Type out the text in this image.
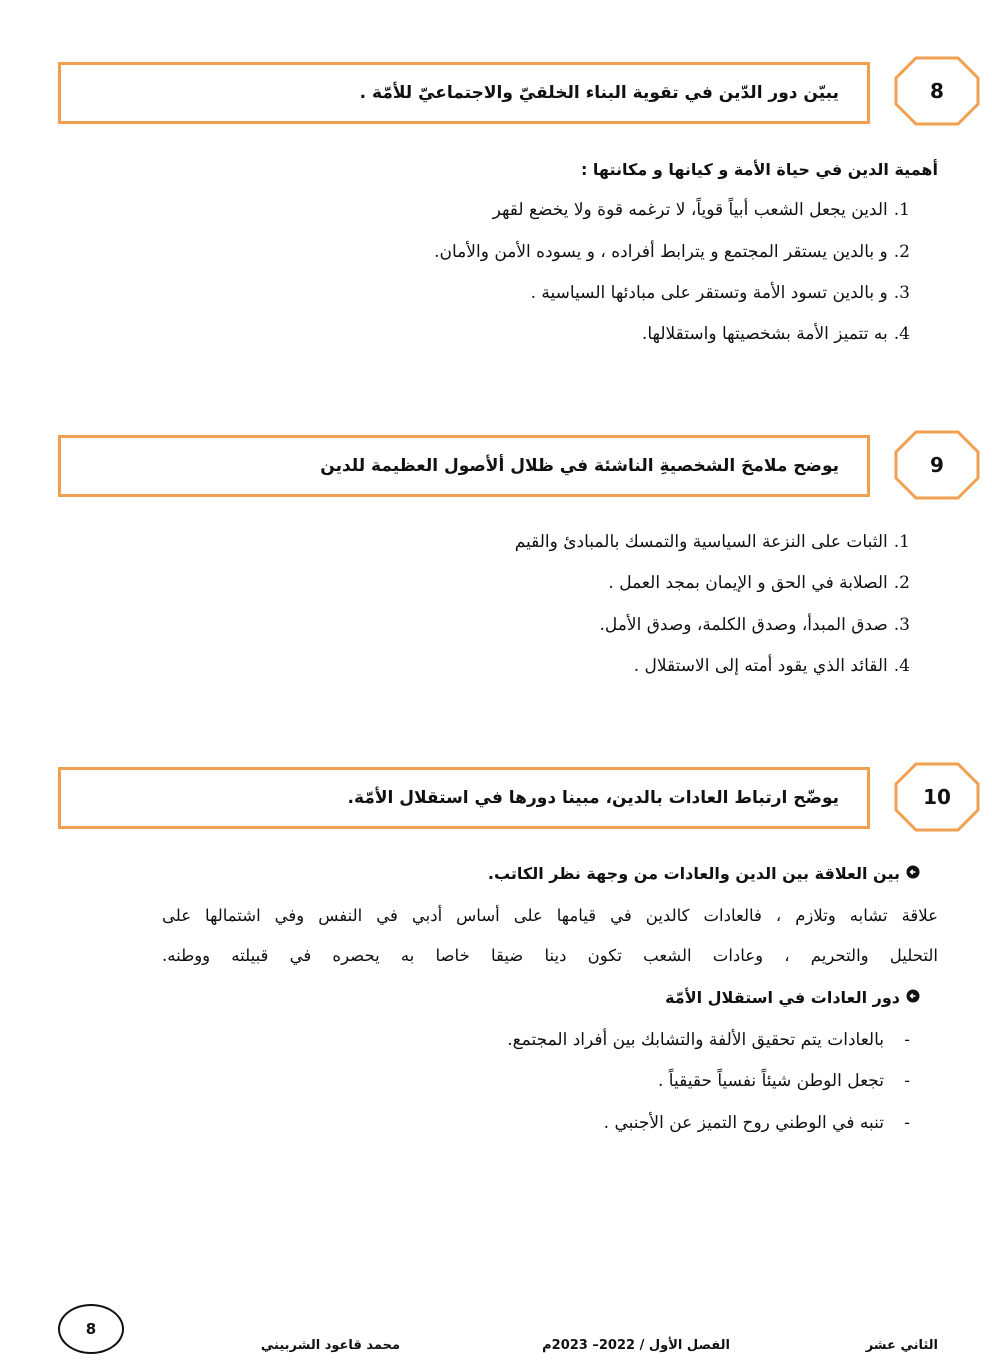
يبيّن دور الدّين في تقوية البناء الخلقيّ والاجتماعيّ للأمّة .	8
أهمية الدين في حياة الأمة و كيانها و مكانتها :
1.الدين يجعل الشعب أبياً قوياً، لا ترغمه قوة ولا يخضع لقهر
2.و بالدين يستقر المجتمع و يترابط أفراده ، و يسوده الأمن والأمان.
3.و بالدين تسود الأمة وتستقر على مبادئها السياسية .
4.به تتميز الأمة بشخصيتها واستقلالها.
يوضح ملامحَ الشخصيةِ الناشئة في ظلال ألأصول العظيمة للدين	9
1.الثبات على النزعة السياسية والتمسك بالمبادئ والقيم
2.الصلابة في الحق و الإيمان بمجد العمل .
3.صدق المبدأ، وصدق الكلمة، وصدق الأمل.
4.القائد الذي يقود أمته إلى الاستقلال .
يوضّح ارتباط العادات بالدين، مبينا دورها في استقلال الأمّة.	10
بين العلاقة بين الدين والعادات من وجهة نظر الكاتب.
علاقة تشابه وتلازم ، فالعادات كالدين في قيامها على أساس أدبي في النفس وفي اشتمالها على
التحليل والتحريم ، وعادات الشعب تكون دينا ضيقا خاصا به يحصره في قبيلته ووطنه.
دور العادات في استقلال الأمّة
-بالعادات يتم تحقيق الألفة والتشابك بين أفراد المجتمع.
-تجعل الوطن شيئاً نفسياً حقيقياً .
-تنبه في الوطني روح التميز عن الأجنبي .
8
الثاني عشر
الفصل الأول / 2022– 2023م
محمد قاعود الشربيني
